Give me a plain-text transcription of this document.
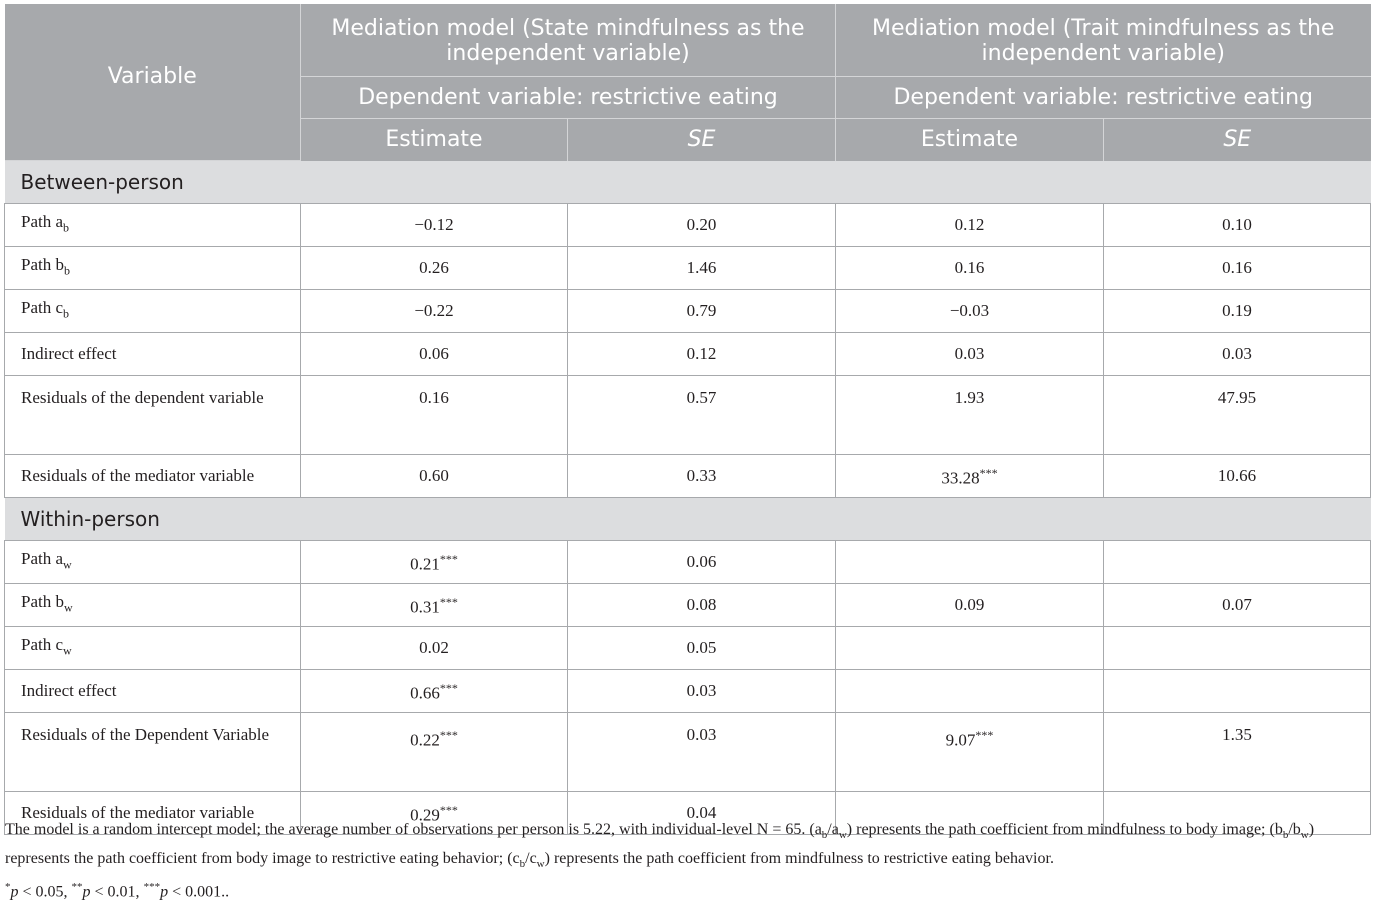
Variable	Mediation model (State mindfulness as the independent variable)		Mediation model (Trait mindfulness as the independent variable)	
	Dependent variable: restrictive eating		Dependent variable: restrictive eating	
	Estimate	SE	Estimate	SE
Between-person				
Path $a_b$	−0.12	0.20	0.12	0.10
Path $b_b$	0.26	1.46	0.16	0.16
Path $c_b$	−0.22	0.79	−0.03	0.19
Indirect effect	0.06	0.12	0.03	0.03
Residuals of the dependent variable	0.16	0.57	1.93	47.95
Residuals of the mediator variable	0.60	0.33	33.28***	10.66
Within-person				
Path $a_w$	0.21***	0.06		
Path $b_w$	0.31***	0.08	0.09	0.07
Path $c_w$	0.02	0.05		
Indirect effect	0.66***	0.03		
Residuals of the Dependent Variable	0.22***	0.03	9.07***	1.35
Residuals of the mediator variable	0.29***	0.04		
The model is a random intercept model; the average number of observations per person is 5.22, with individual-level N = 65. $(a_b/a_w)$ represents the path coefficient from mindfulness to body image; $(b_b/b_w)$ represents the path coefficient from body image to restrictive eating behavior; $(c_b/c_w)$ represents the path coefficient from mindfulness to restrictive eating behavior.
*p < 0.05, **p < 0.01, ***p < 0.001..
